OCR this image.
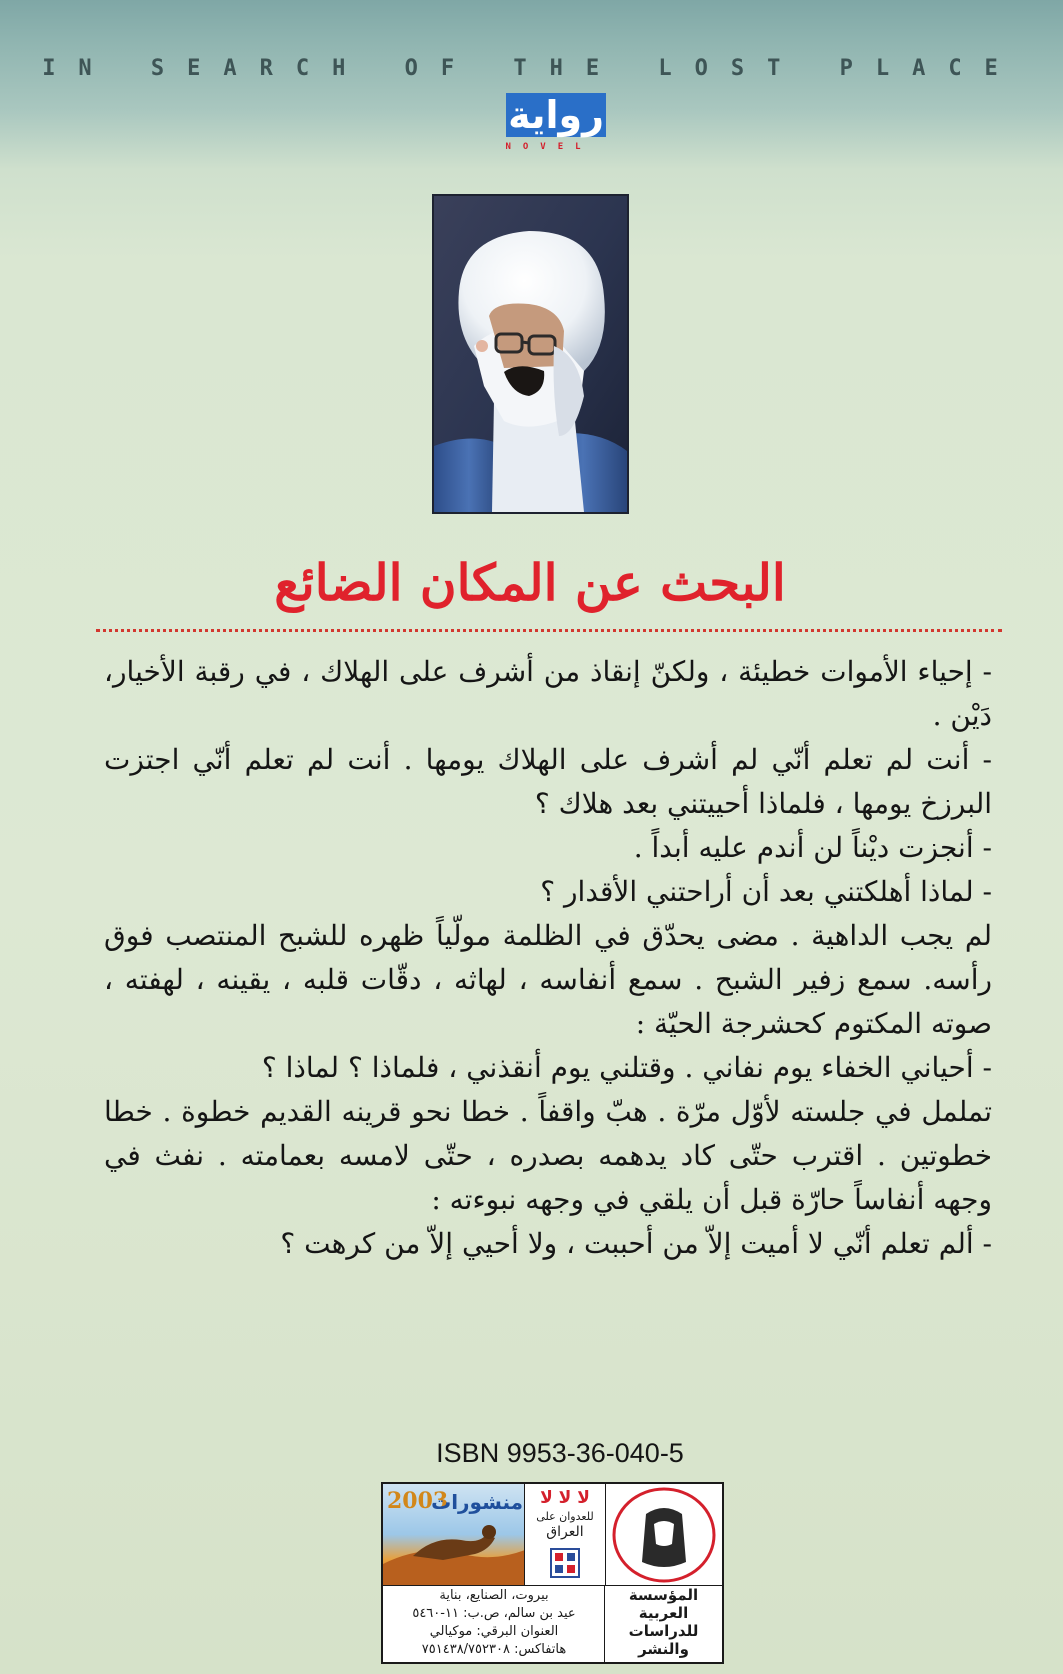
IN SEARCH OF THE LOST PLACE
رواية
NOVEL
البحث عن المكان الضائع

- إحياء الأموات خطيئة ، ولكنّ إنقاذ من أشرف على الهلاك ، في رقبة الأخيار، دَيْن .

- أنت لم تعلم أنّي لم أشرف على الهلاك يومها . أنت لم تعلم أنّي اجتزت البرزخ يومها ، فلماذا أحييتني بعد هلاك ؟

- أنجزت ديْناً لن أندم عليه أبداً .

- لماذا أهلكتني بعد أن أراحتني الأقدار ؟

لم يجب الداهية . مضى يحدّق في الظلمة مولّياً ظهره للشبح المنتصب فوق رأسه. سمع زفير الشبح . سمع أنفاسه ، لهاثه ، دقّات قلبه ، يقينه ، لهفته ، صوته المكتوم كحشرجة الحيّة :

- أحياني الخفاء يوم نفاني . وقتلني يوم أنقذني ، فلماذا ؟ لماذا ؟

تململ في جلسته لأوّل مرّة . هبّ واقفاً . خطا نحو قرينه القديم خطوة . خطا خطوتين . اقترب حتّى كاد يدهمه بصدره ، حتّى لامسه بعمامته . نفث في وجهه أنفاساً حارّة قبل أن يلقي في وجهه نبوءته :

- ألم تعلم أنّي لا أميت إلاّ من أحببت ، ولا أحيي إلاّ من كرهت ؟

ISBN 9953-36-040-5
2003
منشورات	لا لا لا
للعدوان على
العراق
بيروت، الصنايع، بناية
عيد بن سالم، ص.ب: ١١-٥٤٦٠
العنوان البرقي: موكيالي
هاتفاكس: ٧٥١٤٣٨/٧٥٢٣٠٨
المؤسسة
العربية
للدراسات
والنشر
